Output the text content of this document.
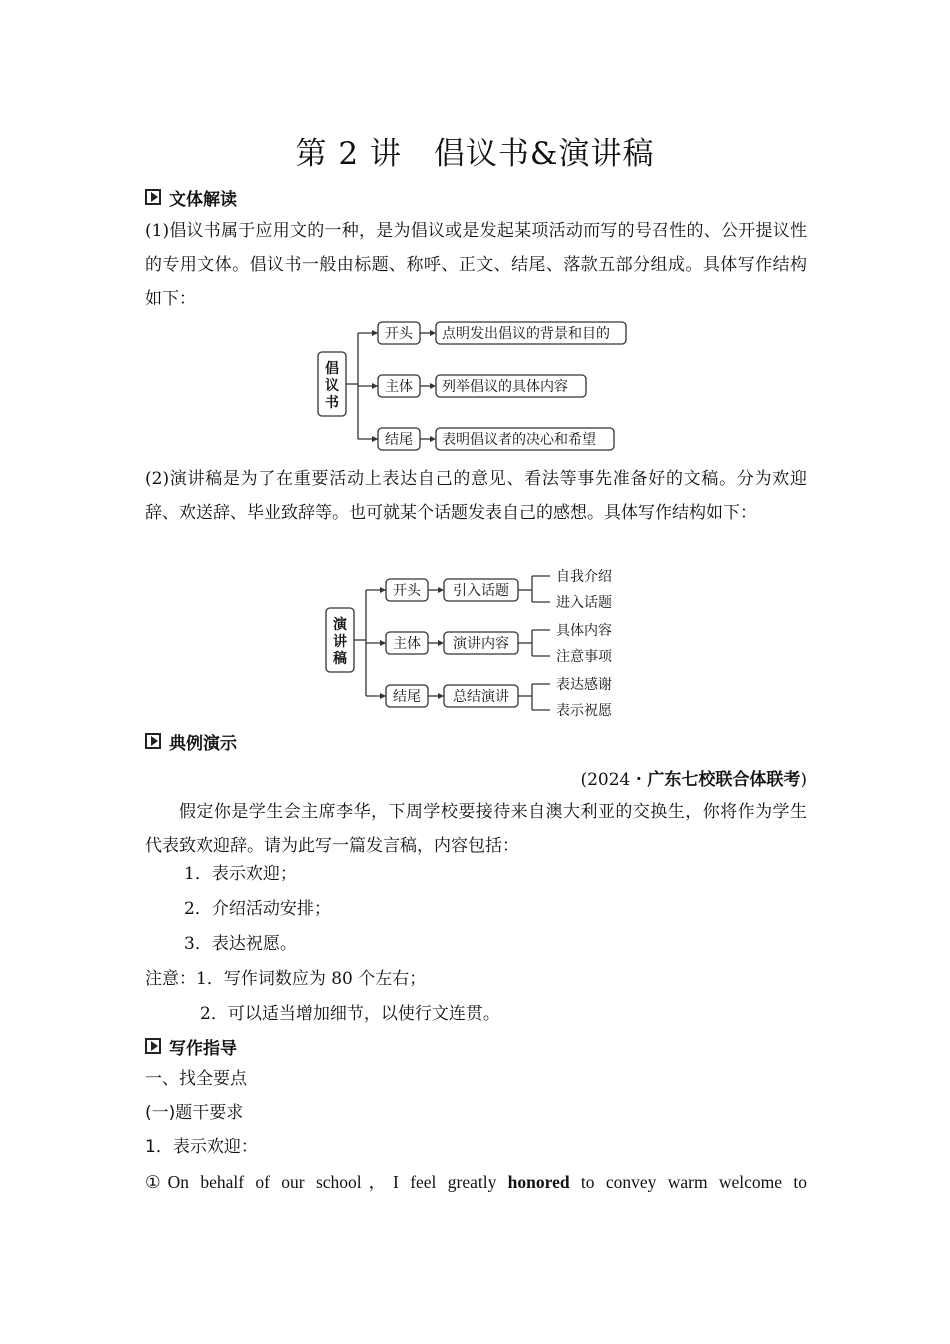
第 2 讲　倡议书&演讲稿
文体解读

(1)倡议书属于应用文的一种，是为倡议或是发起某项活动而写的号召性的、公开提议性的专用文体。倡议书一般由标题、称呼、正文、结尾、落款五部分组成。具体写作结构如下：

倡
议
书
开头
主体
结尾
点明发出倡议的背景和目的
列举倡议的具体内容
表明倡议者的决心和希望

(2)演讲稿是为了在重要活动上表达自己的意见、看法等事先准备好的文稿。分为欢迎辞、欢送辞、毕业致辞等。也可就某个话题发表自己的感想。具体写作结构如下：

演
讲
稿
开头
主体
结尾
引入话题
演讲内容
总结演讲
自我介绍
进入话题
具体内容
注意事项
表达感谢
表示祝愿
典例演示
(2024・广东七校联合体联考)

假定你是学生会主席李华，下周学校要接待来自澳大利亚的交换生，你将作为学生代表致欢迎辞。请为此写一篇发言稿，内容包括：

1．表示欢迎；
2．介绍活动安排；
3．表达祝愿。
注意：1．写作词数应为 80 个左右；
2．可以适当增加细节，以使行文连贯。
写作指导
一、找全要点
(一)题干要求
1．表示欢迎：
①On behalf of our school，I feel greatly honored to convey warm welcome to
